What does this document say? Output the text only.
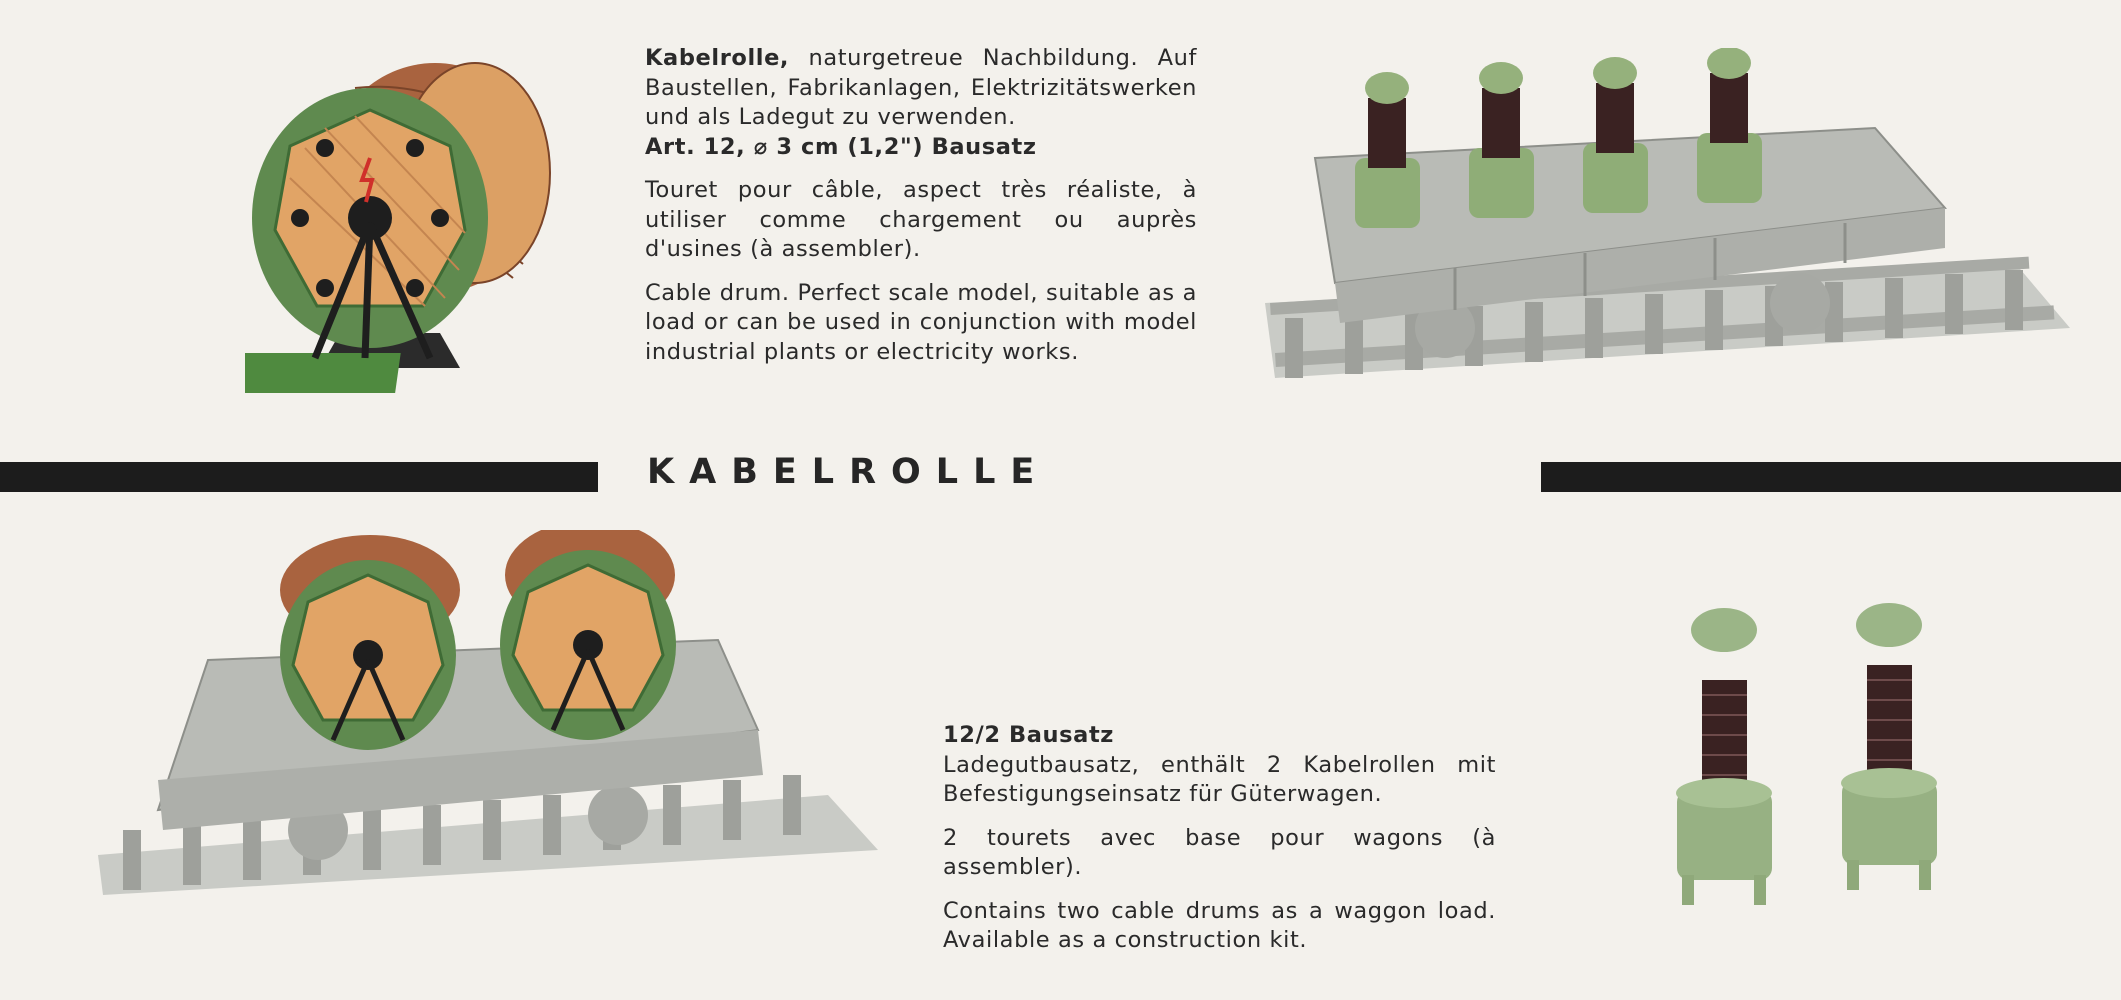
KABELROLLE

Kabelrolle, naturgetreue Nachbildung. Auf Baustellen, Fabrikanlagen, Elektrizitätswerken und als Ladegut zu verwenden.

Art. 12, ⌀ 3 cm (1,2") Bausatz

Touret pour câble, aspect très réaliste, à utiliser comme chargement ou auprès d'usines (à assembler).

Cable drum. Perfect scale model, suitable as a load or can be used in conjunction with model industrial plants or electricity works.

12/2 Bausatz

Ladegutbausatz, enthält 2 Kabelrollen mit Befestigungseinsatz für Güterwagen.

2 tourets avec base pour wagons (à assembler).

Contains two cable drums as a waggon load. Available as a construction kit.
